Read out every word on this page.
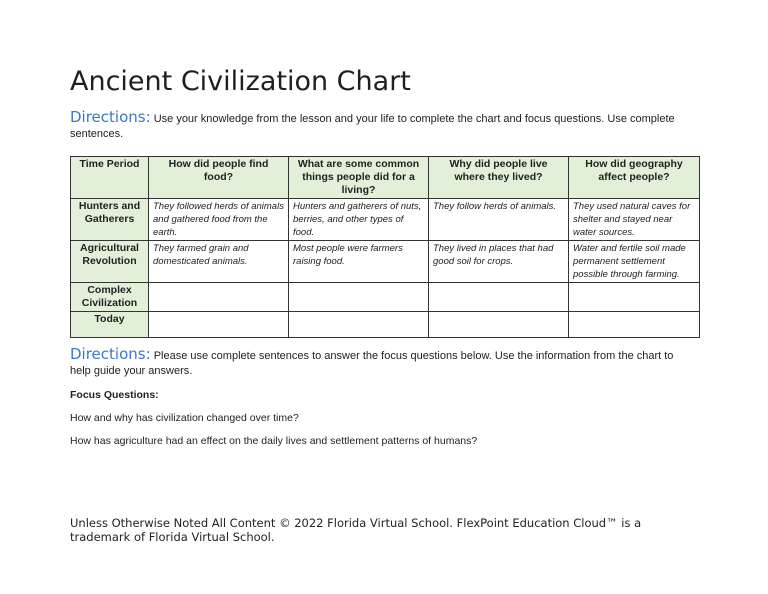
Ancient Civilization Chart
Directions: Use your knowledge from the lesson and your life to complete the chart and focus questions. Use complete sentences.
Time Period	How did people find food?	What are some common things people did for a living?	Why did people live where they lived?	How did geography affect people?
Hunters and Gatherers	They followed herds of animals and gathered food from the earth.	Hunters and gatherers of nuts, berries, and other types of food.	They follow herds of animals.	They used natural caves for shelter and stayed near water sources.
Agricultural Revolution	They farmed grain and domesticated animals.	Most people were farmers raising food.	They lived in places that had good soil for crops.	Water and fertile soil made permanent settlement possible through farming.
Complex Civilization				
Today				
Directions: Please use complete sentences to answer the focus questions below. Use the information from the chart to help guide your answers.
Focus Questions:
How and why has civilization changed over time?
How has agriculture had an effect on the daily lives and settlement patterns of humans?
Unless Otherwise Noted All Content © 2022 Florida Virtual School. FlexPoint Education Cloud™ is a trademark of Florida Virtual School.
